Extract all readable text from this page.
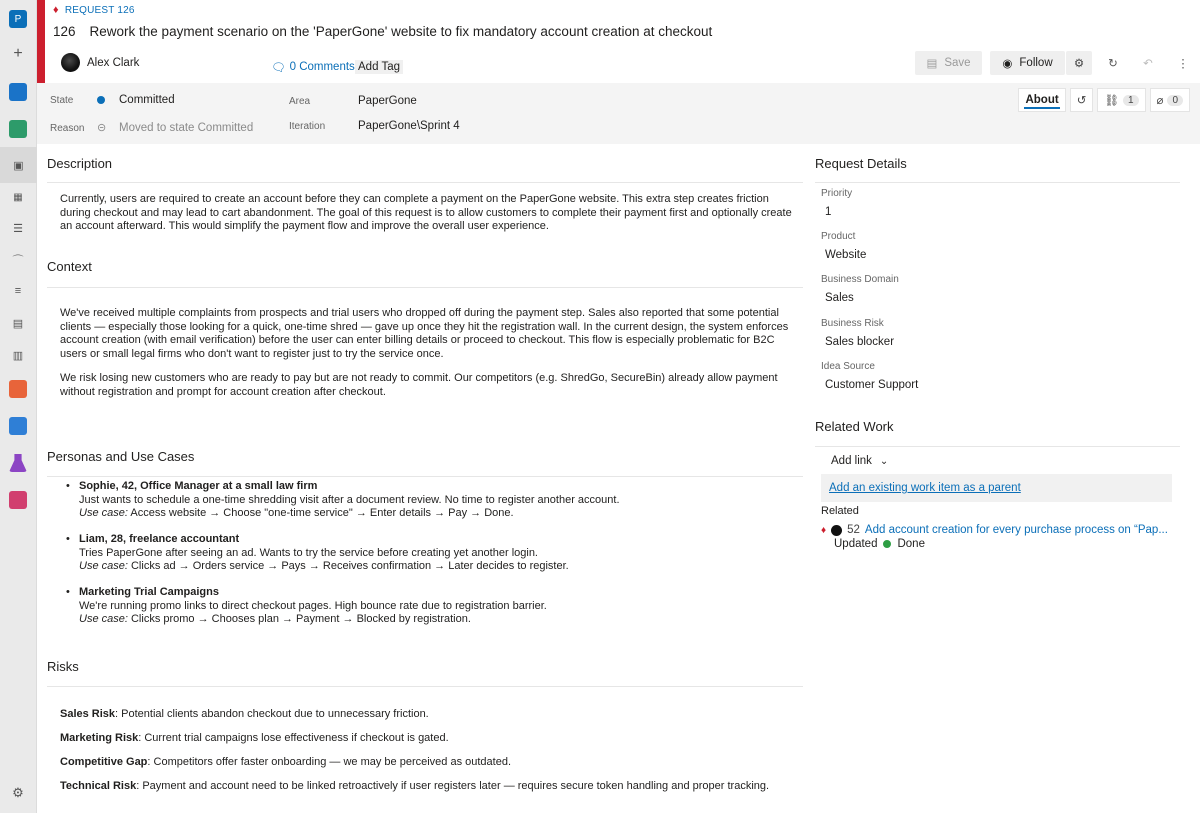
P
+
▣
▦
☰
⌒
≡
▤
▥
⚙
♦ REQUEST 126
126 Rework the payment scenario on the 'PaperGone' website to fix mandatory account creation at checkout
Alex Clark	🗨 0 Comments Add Tag	▤ Save	◉ Follow	⚙	↻	↶	⋮
State	Committed
Reason ⊝ Moved to state Committed
Area	PaperGone
Iteration	PaperGone\Sprint 4
About	↺ ⛓ 1	⌀ 0
Description
Currently, users are required to create an account before they can complete a payment on the PaperGone website. This extra step creates friction during checkout and may lead to cart abandonment. The goal of this request is to allow customers to complete their payment first and optionally create an account afterward. This would simplify the payment flow and improve the overall user experience.
Context
We've received multiple complaints from prospects and trial users who dropped off during the payment step. Sales also reported that some potential clients — especially those looking for a quick, one-time shred — gave up once they hit the registration wall. In the current design, the system enforces account creation (with email verification) before the user can enter billing details or proceed to checkout. This flow is especially problematic for B2C users or small legal firms who don't want to register just to try the service once.
We risk losing new customers who are ready to pay but are not ready to commit. Our competitors (e.g. ShredGo, SecureBin) already allow payment without registration and prompt for account creation after checkout.
Personas and Use Cases
• Sophie, 42, Office Manager at a small law firm
Just wants to schedule a one-time shredding visit after a document review. No time to register another account.
Use case: Access website → Choose "one-time service" → Enter details → Pay → Done.
• Liam, 28, freelance accountant
Tries PaperGone after seeing an ad. Wants to try the service before creating yet another login.
Use case: Clicks ad → Orders service → Pays → Receives confirmation → Later decides to register.
• Marketing Trial Campaigns
We're running promo links to direct checkout pages. High bounce rate due to registration barrier.
Use case: Clicks promo → Chooses plan → Payment → Blocked by registration.
Risks
Sales Risk: Potential clients abandon checkout due to unnecessary friction.
Marketing Risk: Current trial campaigns lose effectiveness if checkout is gated.
Competitive Gap: Competitors offer faster onboarding — we may be perceived as outdated.
Technical Risk: Payment and account need to be linked retroactively if user registers later — requires secure token handling and proper tracking.
Request Details
Priority
1
Product
Website
Business Domain
Sales
Business Risk
Sales blocker
Idea Source
Customer Support
Related Work
Add link ⌄
Add an existing work item as a parent
Related
♦ 52 Add account creation for every purchase process on “Pap...
Updated Done
